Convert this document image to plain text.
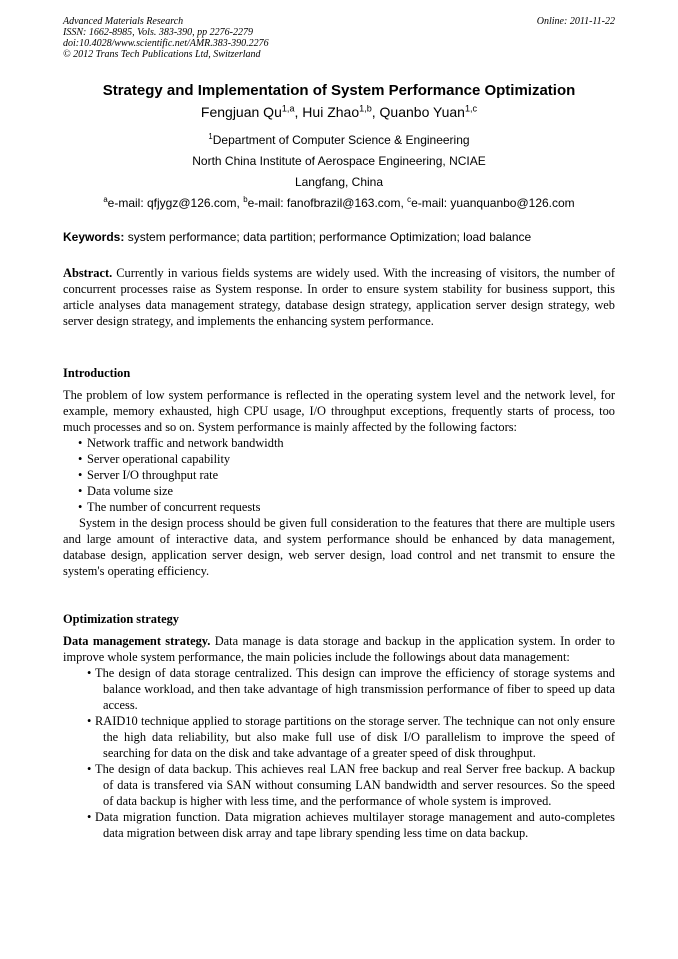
Advanced Materials Research
ISSN: 1662-8985, Vols. 383-390, pp 2276-2279
doi:10.4028/www.scientific.net/AMR.383-390.2276
© 2012 Trans Tech Publications Ltd, Switzerland
Online: 2011-11-22
Strategy and Implementation of System Performance Optimization
Fengjuan Qu$^{1,a}$, Hui Zhao$^{1,b}$, Quanbo Yuan$^{1,c}$
$^1$Department of Computer Science & Engineering
North China Institute of Aerospace Engineering, NCIAE
Langfang, China
$^a$e-mail: qfjygz@126.com, $^b$e-mail: fanofbrazil@163.com, $^c$e-mail: yuanquanbo@126.com
Keywords: system performance; data partition; performance Optimization; load balance

Abstract. Currently in various fields systems are widely used. With the increasing of visitors, the number of concurrent processes raise as System response. In order to ensure system stability for business support, this article analyses data management strategy, database design strategy, application server design strategy, web server design strategy, and implements the enhancing system performance.

Introduction

The problem of low system performance is reflected in the operating system level and the network level, for example, memory exhausted, high CPU usage, I/O throughput exceptions, frequently starts of process, too much processes and so on. System performance is mainly affected by the following factors:

• Network traffic and network bandwidth
• Server operational capability
• Server I/O throughput rate
• Data volume size
• The number of concurrent requests

System in the design process should be given full consideration to the features that there are multiple users and large amount of interactive data, and system performance should be enhanced by data management, database design, application server design, web server design, load control and net transmit to ensure the system's operating efficiency.

Optimization strategy

Data management strategy. Data manage is data storage and backup in the application system. In order to improve whole system performance, the main policies include the followings about data management:

• The design of data storage centralized. This design can improve the efficiency of storage systems and balance workload, and then take advantage of high transmission performance of fiber to speed up data access.
• RAID10 technique applied to storage partitions on the storage server. The technique can not only ensure the high data reliability, but also make full use of disk I/O parallelism to improve the speed of searching for data on the disk and take advantage of a greater speed of disk throughput.
• The design of data backup. This achieves real LAN free backup and real Server free backup. A backup of data is transfered via SAN without consuming LAN bandwidth and server resources. So the speed of data backup is higher with less time, and the performance of whole system is improved.
• Data migration function. Data migration achieves multilayer storage management and auto-completes data migration between disk array and tape library spending less time on data backup.
